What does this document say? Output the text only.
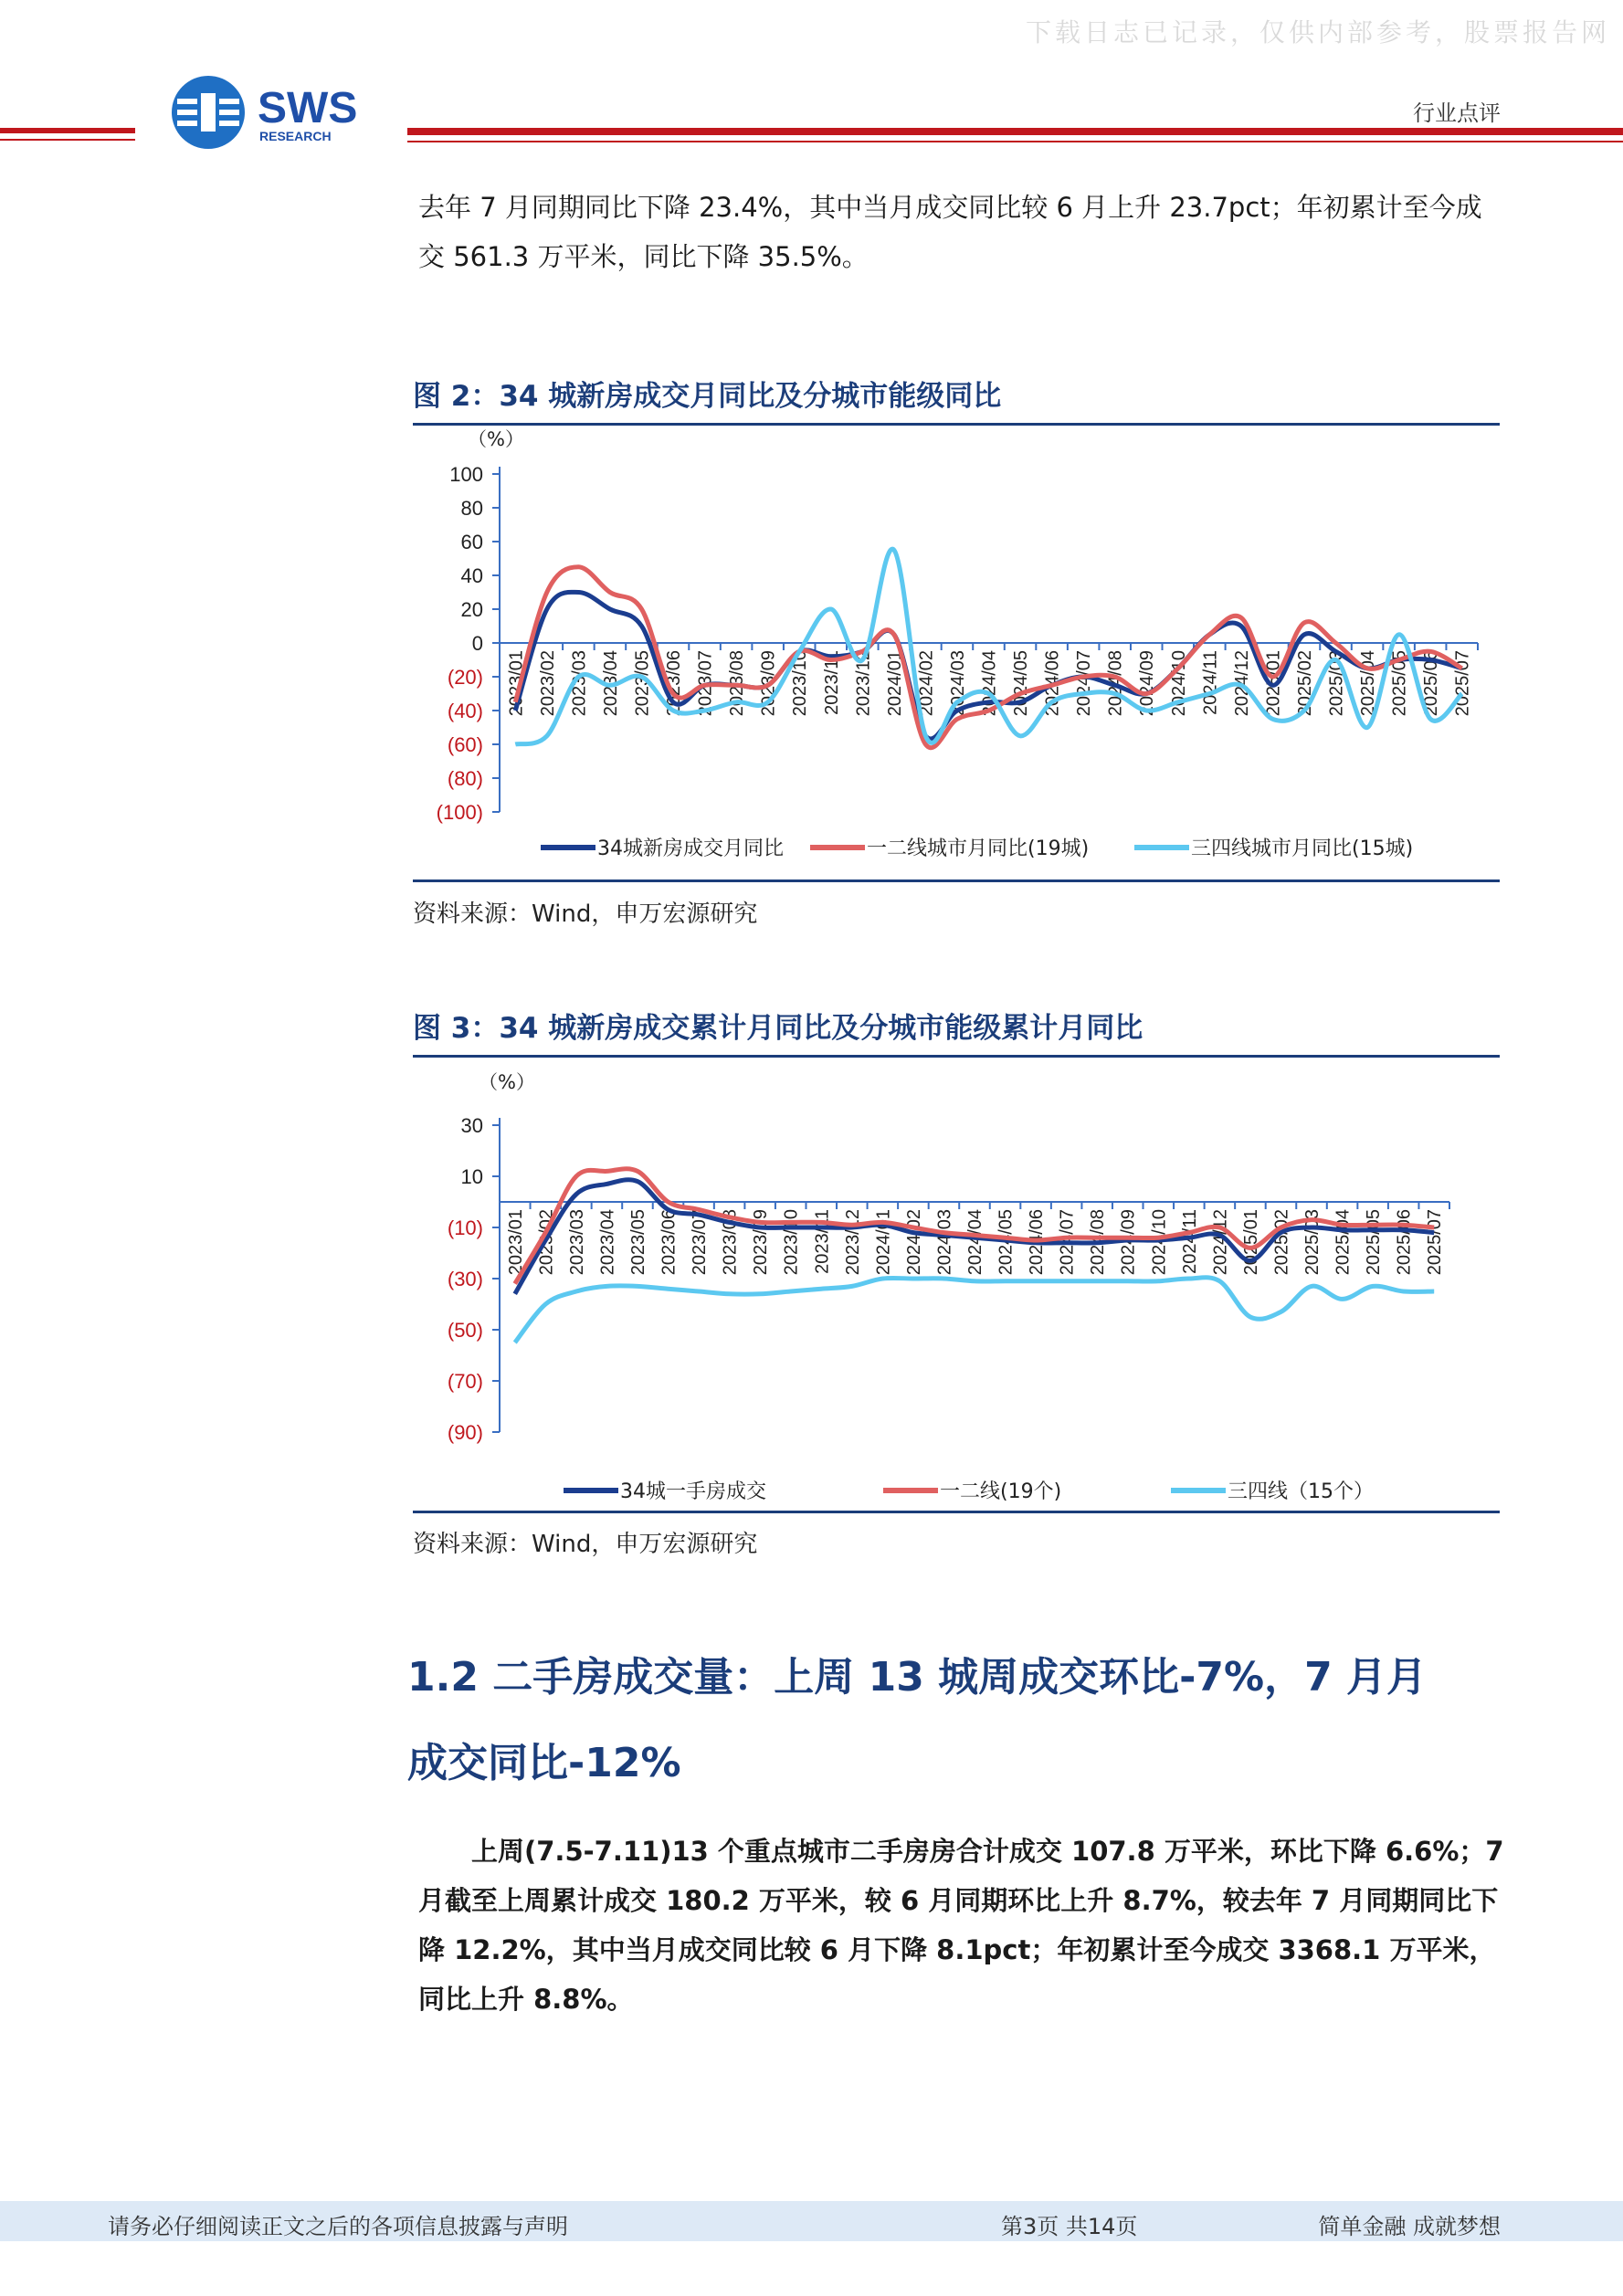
下载日志已记录，仅供内部参考，股票报告网
SWS
RESEARCH
行业点评
去年 7 月同期同比下降 23.4%，其中当月成交同比较 6 月上升 23.7pct；年初累计至今成
交 561.3 万平米，同比下降 35.5%。
图 2：34 城新房成交月同比及分城市能级同比
（%）
100
80
60
40
20
0
(20)
(40)
(60)
(80)
(100)
2023/01 2023/02 2023/03 2023/04 2023/05 2023/06 2023/07 2023/08 2023/09 2023/10 2023/11 2023/12 2024/01 2024/02 2024/03 2024/04 2024/05 2024/06 2024/07 2024/08 2024/09 2024/10 2024/11 2024/12 2025/01 2025/02 2025/03 2025/04 2025/05 2025/06 2025/07
34城新房成交月同比	一二线城市月同比(19城)	三四线城市月同比(15城)
资料来源：Wind，申万宏源研究
图 3：34 城新房成交累计月同比及分城市能级累计月同比
（%）
30
10
(10)
(30)
(50)
(70)
(90)
2023/01 2023/02 2023/03 2023/04 2023/05 2023/06 2023/07 2023/08 2023/09 2023/10 2023/11 2023/12 2024/01 2024/02 2024/03 2024/04 2024/05 2024/06 2024/07 2024/08 2024/09 2024/10 2024/11 2024/12 2025/01 2025/02 2025/03 2025/04 2025/05 2025/06 2025/07
34城一手房成交	一二线(19个)	三四线（15个）
资料来源：Wind，申万宏源研究
1.2 二手房成交量：上周 13 城周成交环比-7%，7 月月
成交同比-12%
上周(7.5-7.11)13 个重点城市二手房房合计成交 107.8 万平米，环比下降 6.6%；7
月截至上周累计成交 180.2 万平米，较 6 月同期环比上升 8.7%，较去年 7 月同期同比下
降 12.2%，其中当月成交同比较 6 月下降 8.1pct；年初累计至今成交 3368.1 万平米，
同比上升 8.8%。
请务必仔细阅读正文之后的各项信息披露与声明	第3页 共14页	简单金融 成就梦想
